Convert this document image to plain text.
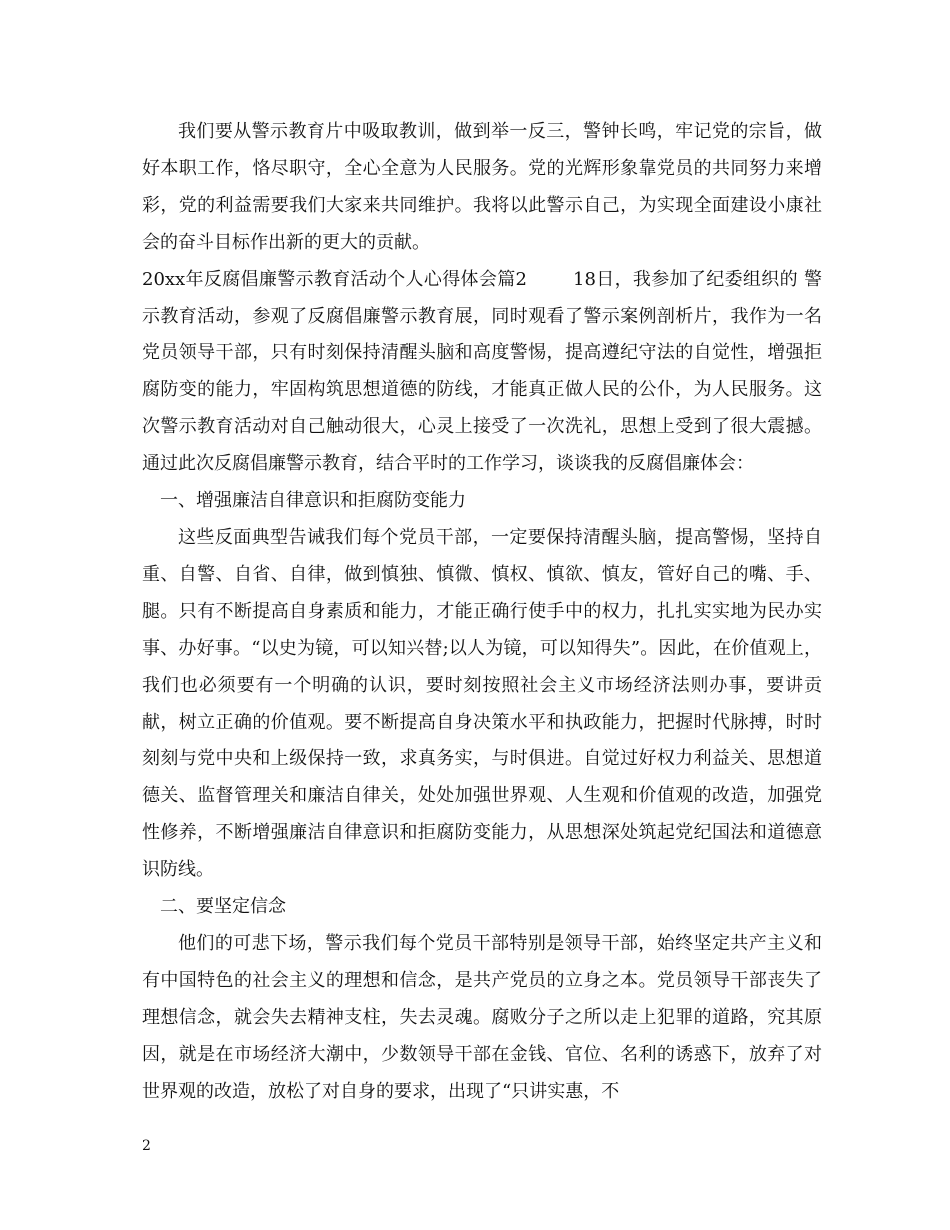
我们要从警示教育片中吸取教训，做到举一反三，警钟长鸣，牢记党的宗旨，做好本职工作，恪尽职守，全心全意为人民服务。党的光辉形象靠党员的共同努力来增彩，党的利益需要我们大家来共同维护。我将以此警示自己，为实现全面建设小康社会的奋斗目标作出新的更大的贡献。

20xx年反腐倡廉警示教育活动个人心得体会篇2	18日，我参加了纪委组织的 警示教育活动，参观了反腐倡廉警示教育展，同时观看了警示案例剖析片，我作为一名党员领导干部，只有时刻保持清醒头脑和高度警惕，提高遵纪守法的自觉性，增强拒腐防变的能力，牢固构筑思想道德的防线，才能真正做人民的公仆，为人民服务。这次警示教育活动对自己触动很大，心灵上接受了一次洗礼，思想上受到了很大震撼。通过此次反腐倡廉警示教育，结合平时的工作学习，谈谈我的反腐倡廉体会：

一、增强廉洁自律意识和拒腐防变能力

这些反面典型告诫我们每个党员干部，一定要保持清醒头脑，提高警惕，坚持自重、自警、自省、自律，做到慎独、慎微、慎权、慎欲、慎友，管好自己的嘴、手、腿。只有不断提高自身素质和能力，才能正确行使手中的权力，扎扎实实地为民办实事、办好事。“以史为镜，可以知兴替;以人为镜，可以知得失”。因此，在价值观上，我们也必须要有一个明确的认识，要时刻按照社会主义市场经济法则办事，要讲贡献，树立正确的价值观。要不断提高自身决策水平和执政能力，把握时代脉搏，时时刻刻与党中央和上级保持一致，求真务实，与时俱进。自觉过好权力利益关、思想道德关、监督管理关和廉洁自律关，处处加强世界观、人生观和价值观的改造，加强党性修养，不断增强廉洁自律意识和拒腐防变能力，从思想深处筑起党纪国法和道德意识防线。

二、要坚定信念

他们的可悲下场，警示我们每个党员干部特别是领导干部，始终坚定共产主义和有中国特色的社会主义的理想和信念，是共产党员的立身之本。党员领导干部丧失了理想信念，就会失去精神支柱，失去灵魂。腐败分子之所以走上犯罪的道路，究其原因，就是在市场经济大潮中，少数领导干部在金钱、官位、名利的诱惑下，放弃了对世界观的改造，放松了对自身的要求，出现了“只讲实惠，不

2
